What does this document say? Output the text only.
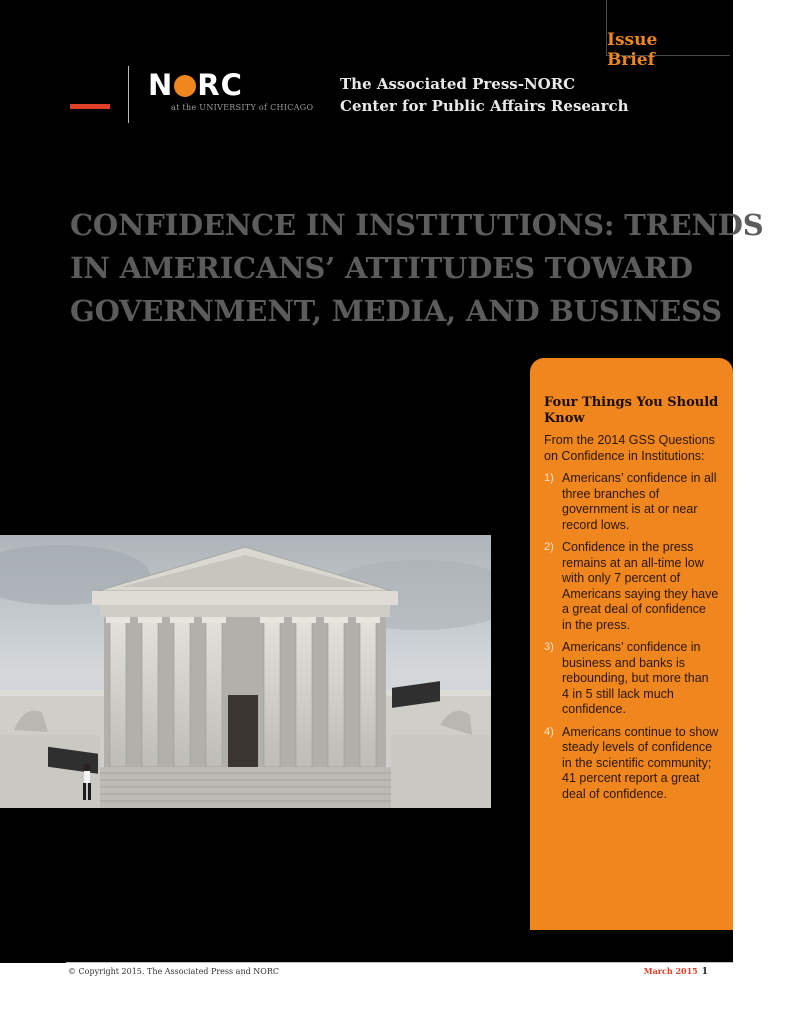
Issue Brief
N RC
at the UNIVERSITY of CHICAGO
The Associated Press-NORC
Center for Public Affairs Research
CONFIDENCE IN INSTITUTIONS: TRENDS
IN AMERICANS’ ATTITUDES TOWARD
GOVERNMENT, MEDIA, AND BUSINESS
Four Things You Should Know

From the 2014 GSS Questions on Confidence in Institutions:

1) Americans’ confidence in all three branches of government is at or near record lows.
2) Confidence in the press remains at an all-time low with only 7 percent of Americans saying they have a great deal of confidence in the press.
3) Americans’ confidence in business and banks is rebounding, but more than 4 in 5 still lack much confidence.
4) Americans continue to show steady levels of confidence in the scientific community; 41 percent report a great deal of confidence.
© Copyright 2015. The Associated Press and NORC	March 2015 1
